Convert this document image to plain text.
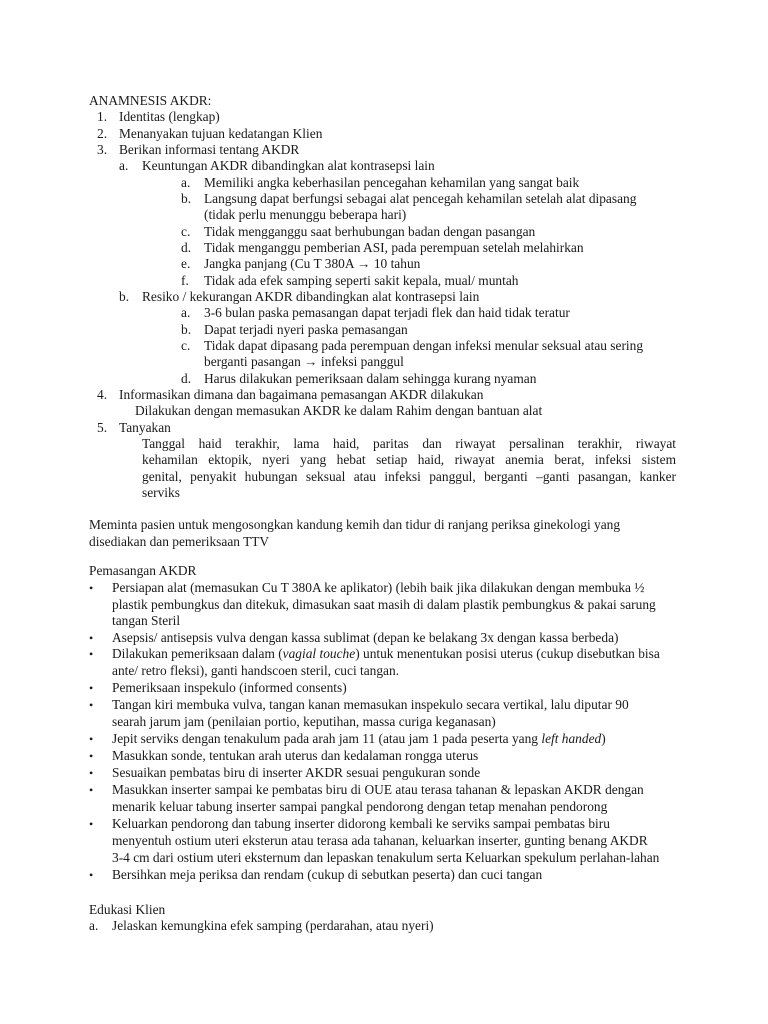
ANAMNESIS AKDR:
1. Identitas (lengkap)
2. Menanyakan tujuan kedatangan Klien
3. Berikan informasi tentang AKDR
a. Keuntungan AKDR dibandingkan alat kontrasepsi lain
a. Memiliki angka keberhasilan pencegahan kehamilan yang sangat baik
b. Langsung dapat berfungsi sebagai alat pencegah kehamilan setelah alat dipasang
(tidak perlu menunggu beberapa hari)
c. Tidak mengganggu saat berhubungan badan dengan pasangan
d. Tidak menganggu pemberian ASI, pada perempuan setelah melahirkan
e. Jangka panjang (Cu T 380A → 10 tahun
f. Tidak ada efek samping seperti sakit kepala, mual/ muntah
b. Resiko / kekurangan AKDR dibandingkan alat kontrasepsi lain
a. 3-6 bulan paska pemasangan dapat terjadi flek dan haid tidak teratur
b. Dapat terjadi nyeri paska pemasangan
c. Tidak dapat dipasang pada perempuan dengan infeksi menular seksual atau sering
berganti pasangan → infeksi panggul
d. Harus dilakukan pemeriksaan dalam sehingga kurang nyaman
4. Informasikan dimana dan bagaimana pemasangan AKDR dilakukan
Dilakukan dengan memasukan AKDR ke dalam Rahim dengan bantuan alat
5. Tanyakan
Tanggal haid terakhir, lama haid, paritas dan riwayat persalinan terakhir, riwayat
kehamilan ektopik, nyeri yang hebat setiap haid, riwayat anemia berat, infeksi sistem
genital, penyakit hubungan seksual atau infeksi panggul, berganti –ganti pasangan, kanker
serviks
Meminta pasien untuk mengosongkan kandung kemih dan tidur di ranjang periksa ginekologi yang
disediakan dan pemeriksaan TTV
Pemasangan AKDR
• Persiapan alat (memasukan Cu T 380A ke aplikator) (lebih baik jika dilakukan dengan membuka ½
plastik pembungkus dan ditekuk, dimasukan saat masih di dalam plastik pembungkus & pakai sarung
tangan Steril
• Asepsis/ antisepsis vulva dengan kassa sublimat (depan ke belakang 3x dengan kassa berbeda)
• Dilakukan pemeriksaan dalam (vagial touche) untuk menentukan posisi uterus (cukup disebutkan bisa
ante/ retro fleksi), ganti handscoen steril, cuci tangan.
• Pemeriksaan inspekulo (informed consents)
• Tangan kiri membuka vulva, tangan kanan memasukan inspekulo secara vertikal, lalu diputar 90
searah jarum jam (penilaian portio, keputihan, massa curiga keganasan)
• Jepit serviks dengan tenakulum pada arah jam 11 (atau jam 1 pada peserta yang left handed)
• Masukkan sonde, tentukan arah uterus dan kedalaman rongga uterus
• Sesuaikan pembatas biru di inserter AKDR sesuai pengukuran sonde
• Masukkan inserter sampai ke pembatas biru di OUE atau terasa tahanan & lepaskan AKDR dengan
menarik keluar tabung inserter sampai pangkal pendorong dengan tetap menahan pendorong
• Keluarkan pendorong dan tabung inserter didorong kembali ke serviks sampai pembatas biru
menyentuh ostium uteri eksterun atau terasa ada tahanan, keluarkan inserter, gunting benang AKDR
3-4 cm dari ostium uteri eksternum dan lepaskan tenakulum serta Keluarkan spekulum perlahan-lahan
• Bersihkan meja periksa dan rendam (cukup di sebutkan peserta) dan cuci tangan
Edukasi Klien
a. Jelaskan kemungkina efek samping (perdarahan, atau nyeri)
